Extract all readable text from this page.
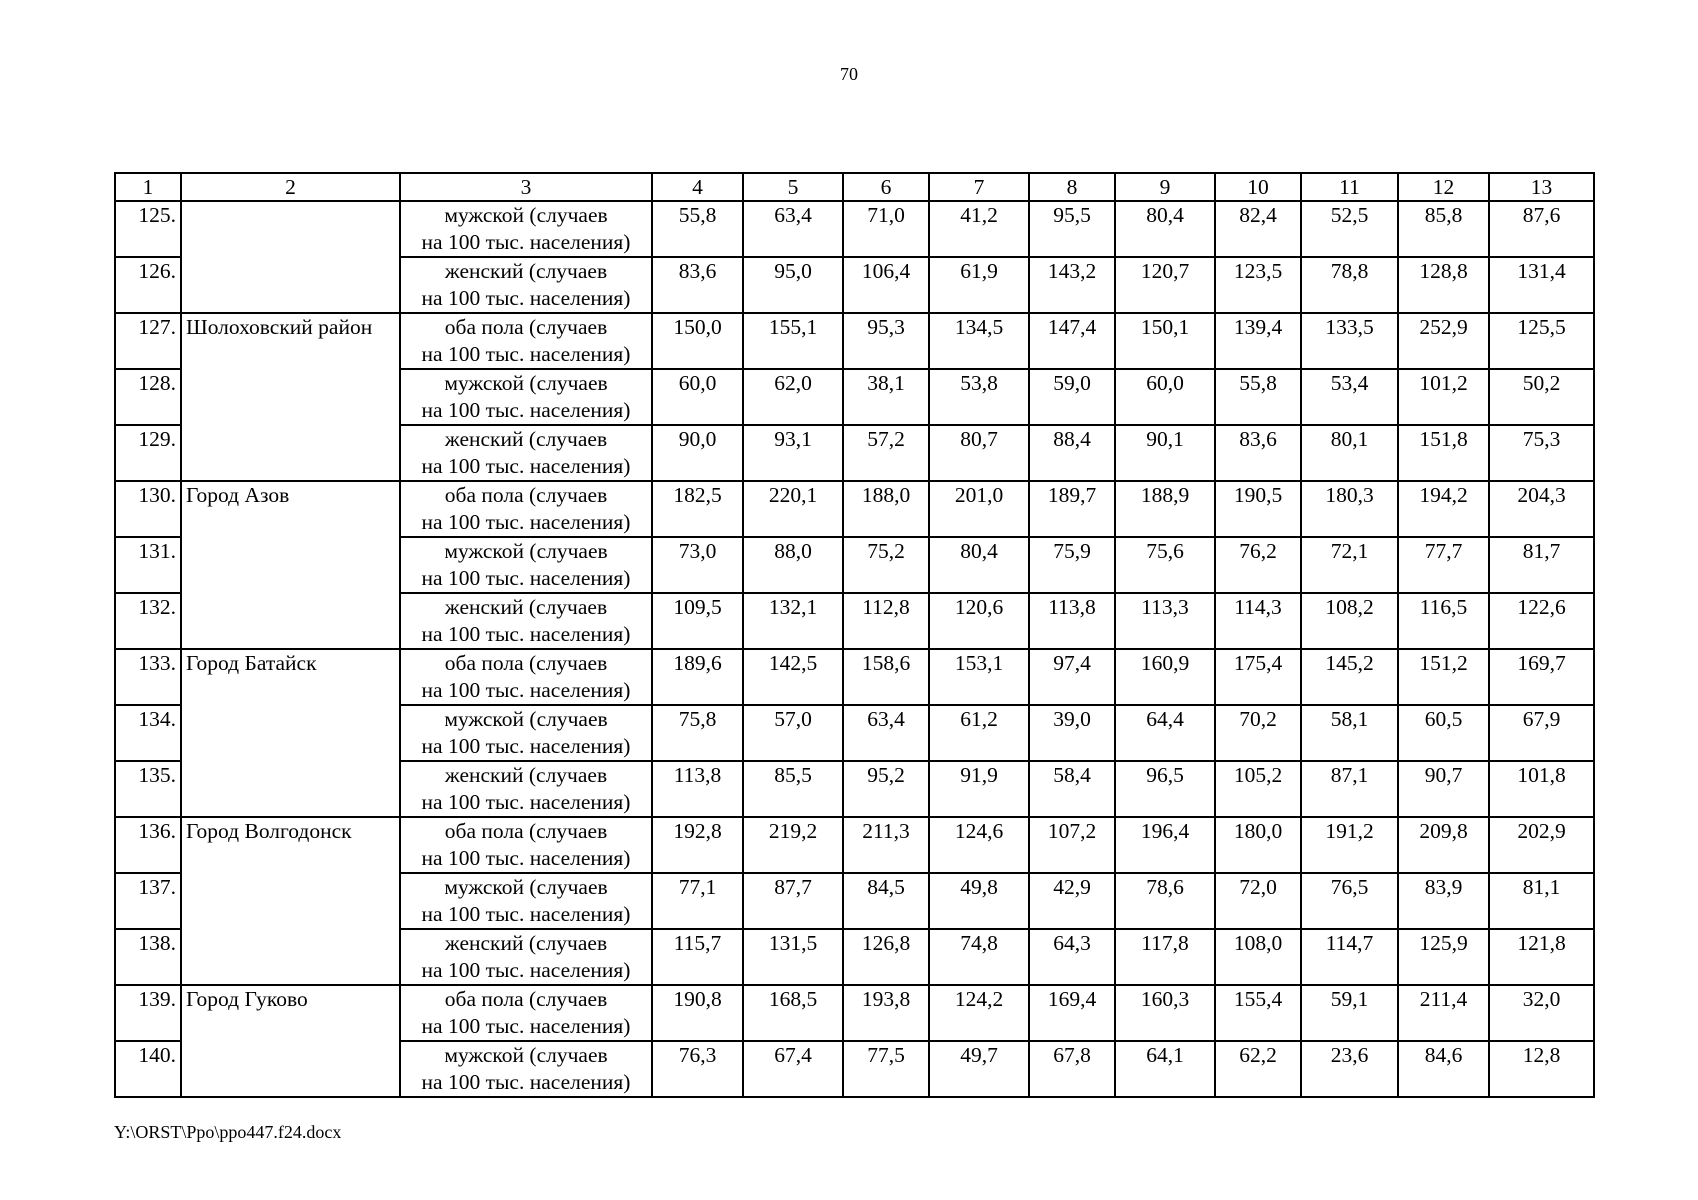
70
1	2	3	4	5	6	7	8	9	10	11	12	13
125.		мужской (случаев
на 100 тыс. населения)	55,8	63,4	71,0	41,2	95,5	80,4	82,4	52,5	85,8	87,6
126.		женский (случаев
на 100 тыс. населения)	83,6	95,0	106,4	61,9	143,2	120,7	123,5	78,8	128,8	131,4
127.	Шолоховский район	оба пола (случаев
на 100 тыс. населения)	150,0	155,1	95,3	134,5	147,4	150,1	139,4	133,5	252,9	125,5
128.		мужской (случаев
на 100 тыс. населения)	60,0	62,0	38,1	53,8	59,0	60,0	55,8	53,4	101,2	50,2
129.		женский (случаев
на 100 тыс. населения)	90,0	93,1	57,2	80,7	88,4	90,1	83,6	80,1	151,8	75,3
130.	Город Азов	оба пола (случаев
на 100 тыс. населения)	182,5	220,1	188,0	201,0	189,7	188,9	190,5	180,3	194,2	204,3
131.		мужской (случаев
на 100 тыс. населения)	73,0	88,0	75,2	80,4	75,9	75,6	76,2	72,1	77,7	81,7
132.		женский (случаев
на 100 тыс. населения)	109,5	132,1	112,8	120,6	113,8	113,3	114,3	108,2	116,5	122,6
133.	Город Батайск	оба пола (случаев
на 100 тыс. населения)	189,6	142,5	158,6	153,1	97,4	160,9	175,4	145,2	151,2	169,7
134.		мужской (случаев
на 100 тыс. населения)	75,8	57,0	63,4	61,2	39,0	64,4	70,2	58,1	60,5	67,9
135.		женский (случаев
на 100 тыс. населения)	113,8	85,5	95,2	91,9	58,4	96,5	105,2	87,1	90,7	101,8
136.	Город Волгодонск	оба пола (случаев
на 100 тыс. населения)	192,8	219,2	211,3	124,6	107,2	196,4	180,0	191,2	209,8	202,9
137.		мужской (случаев
на 100 тыс. населения)	77,1	87,7	84,5	49,8	42,9	78,6	72,0	76,5	83,9	81,1
138.		женский (случаев
на 100 тыс. населения)	115,7	131,5	126,8	74,8	64,3	117,8	108,0	114,7	125,9	121,8
139.	Город Гуково	оба пола (случаев
на 100 тыс. населения)	190,8	168,5	193,8	124,2	169,4	160,3	155,4	59,1	211,4	32,0
140.		мужской (случаев
на 100 тыс. населения)	76,3	67,4	77,5	49,7	67,8	64,1	62,2	23,6	84,6	12,8
Y:\ORST\Ppo\ppo447.f24.docx
